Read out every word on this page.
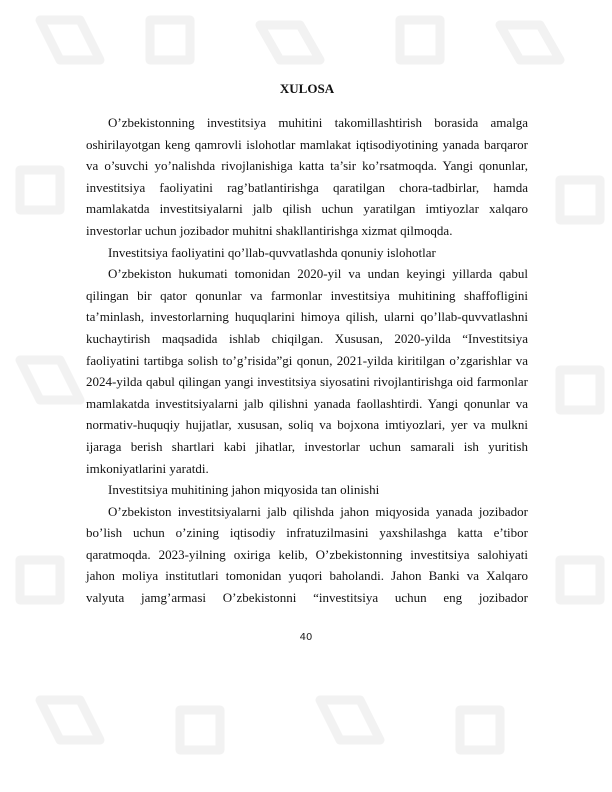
XULOSA

O’zbekistonning investitsiya muhitini takomillashtirish borasida amalga oshirilayotgan keng qamrovli islohotlar mamlakat iqtisodiyotining yanada barqaror va o’suvchi yo’nalishda rivojlanishiga katta ta’sir ko’rsatmoqda. Yangi qonunlar, investitsiya faoliyatini rag’batlantirishga qaratilgan chora-tadbirlar, hamda mamlakatda investitsiyalarni jalb qilish uchun yaratilgan imtiyozlar xalqaro investorlar uchun jozibador muhitni shakllantirishga xizmat qilmoqda.

Investitsiya faoliyatini qo’llab-quvvatlashda qonuniy islohotlar

O’zbekiston hukumati tomonidan 2020-yil va undan keyingi yillarda qabul qilingan bir qator qonunlar va farmonlar investitsiya muhitining shaffofligini ta’minlash, investorlarning huquqlarini himoya qilish, ularni qo’llab-quvvatlashni kuchaytirish maqsadida ishlab chiqilgan. Xususan, 2020-yilda “Investitsiya faoliyatini tartibga solish to’g’risida”gi qonun, 2021-yilda kiritilgan o’zgarishlar va 2024-yilda qabul qilingan yangi investitsiya siyosatini rivojlantirishga oid farmonlar mamlakatda investitsiyalarni jalb qilishni yanada faollashtirdi. Yangi qonunlar va normativ-huquqiy hujjatlar, xususan, soliq va bojxona imtiyozlari, yer va mulkni ijaraga berish shartlari kabi jihatlar, investorlar uchun samarali ish yuritish imkoniyatlarini yaratdi.

Investitsiya muhitining jahon miqyosida tan olinishi

O’zbekiston investitsiyalarni jalb qilishda jahon miqyosida yanada jozibador bo’lish uchun o’zining iqtisodiy infratuzilmasini yaxshilashga katta e’tibor qaratmoqda. 2023-yilning oxiriga kelib, O’zbekistonning investitsiya salohiyati jahon moliya institutlari tomonidan yuqori baholandi. Jahon Banki va Xalqaro valyuta jamg’armasi O’zbekistonni “investitsiya uchun eng jozibador

40
